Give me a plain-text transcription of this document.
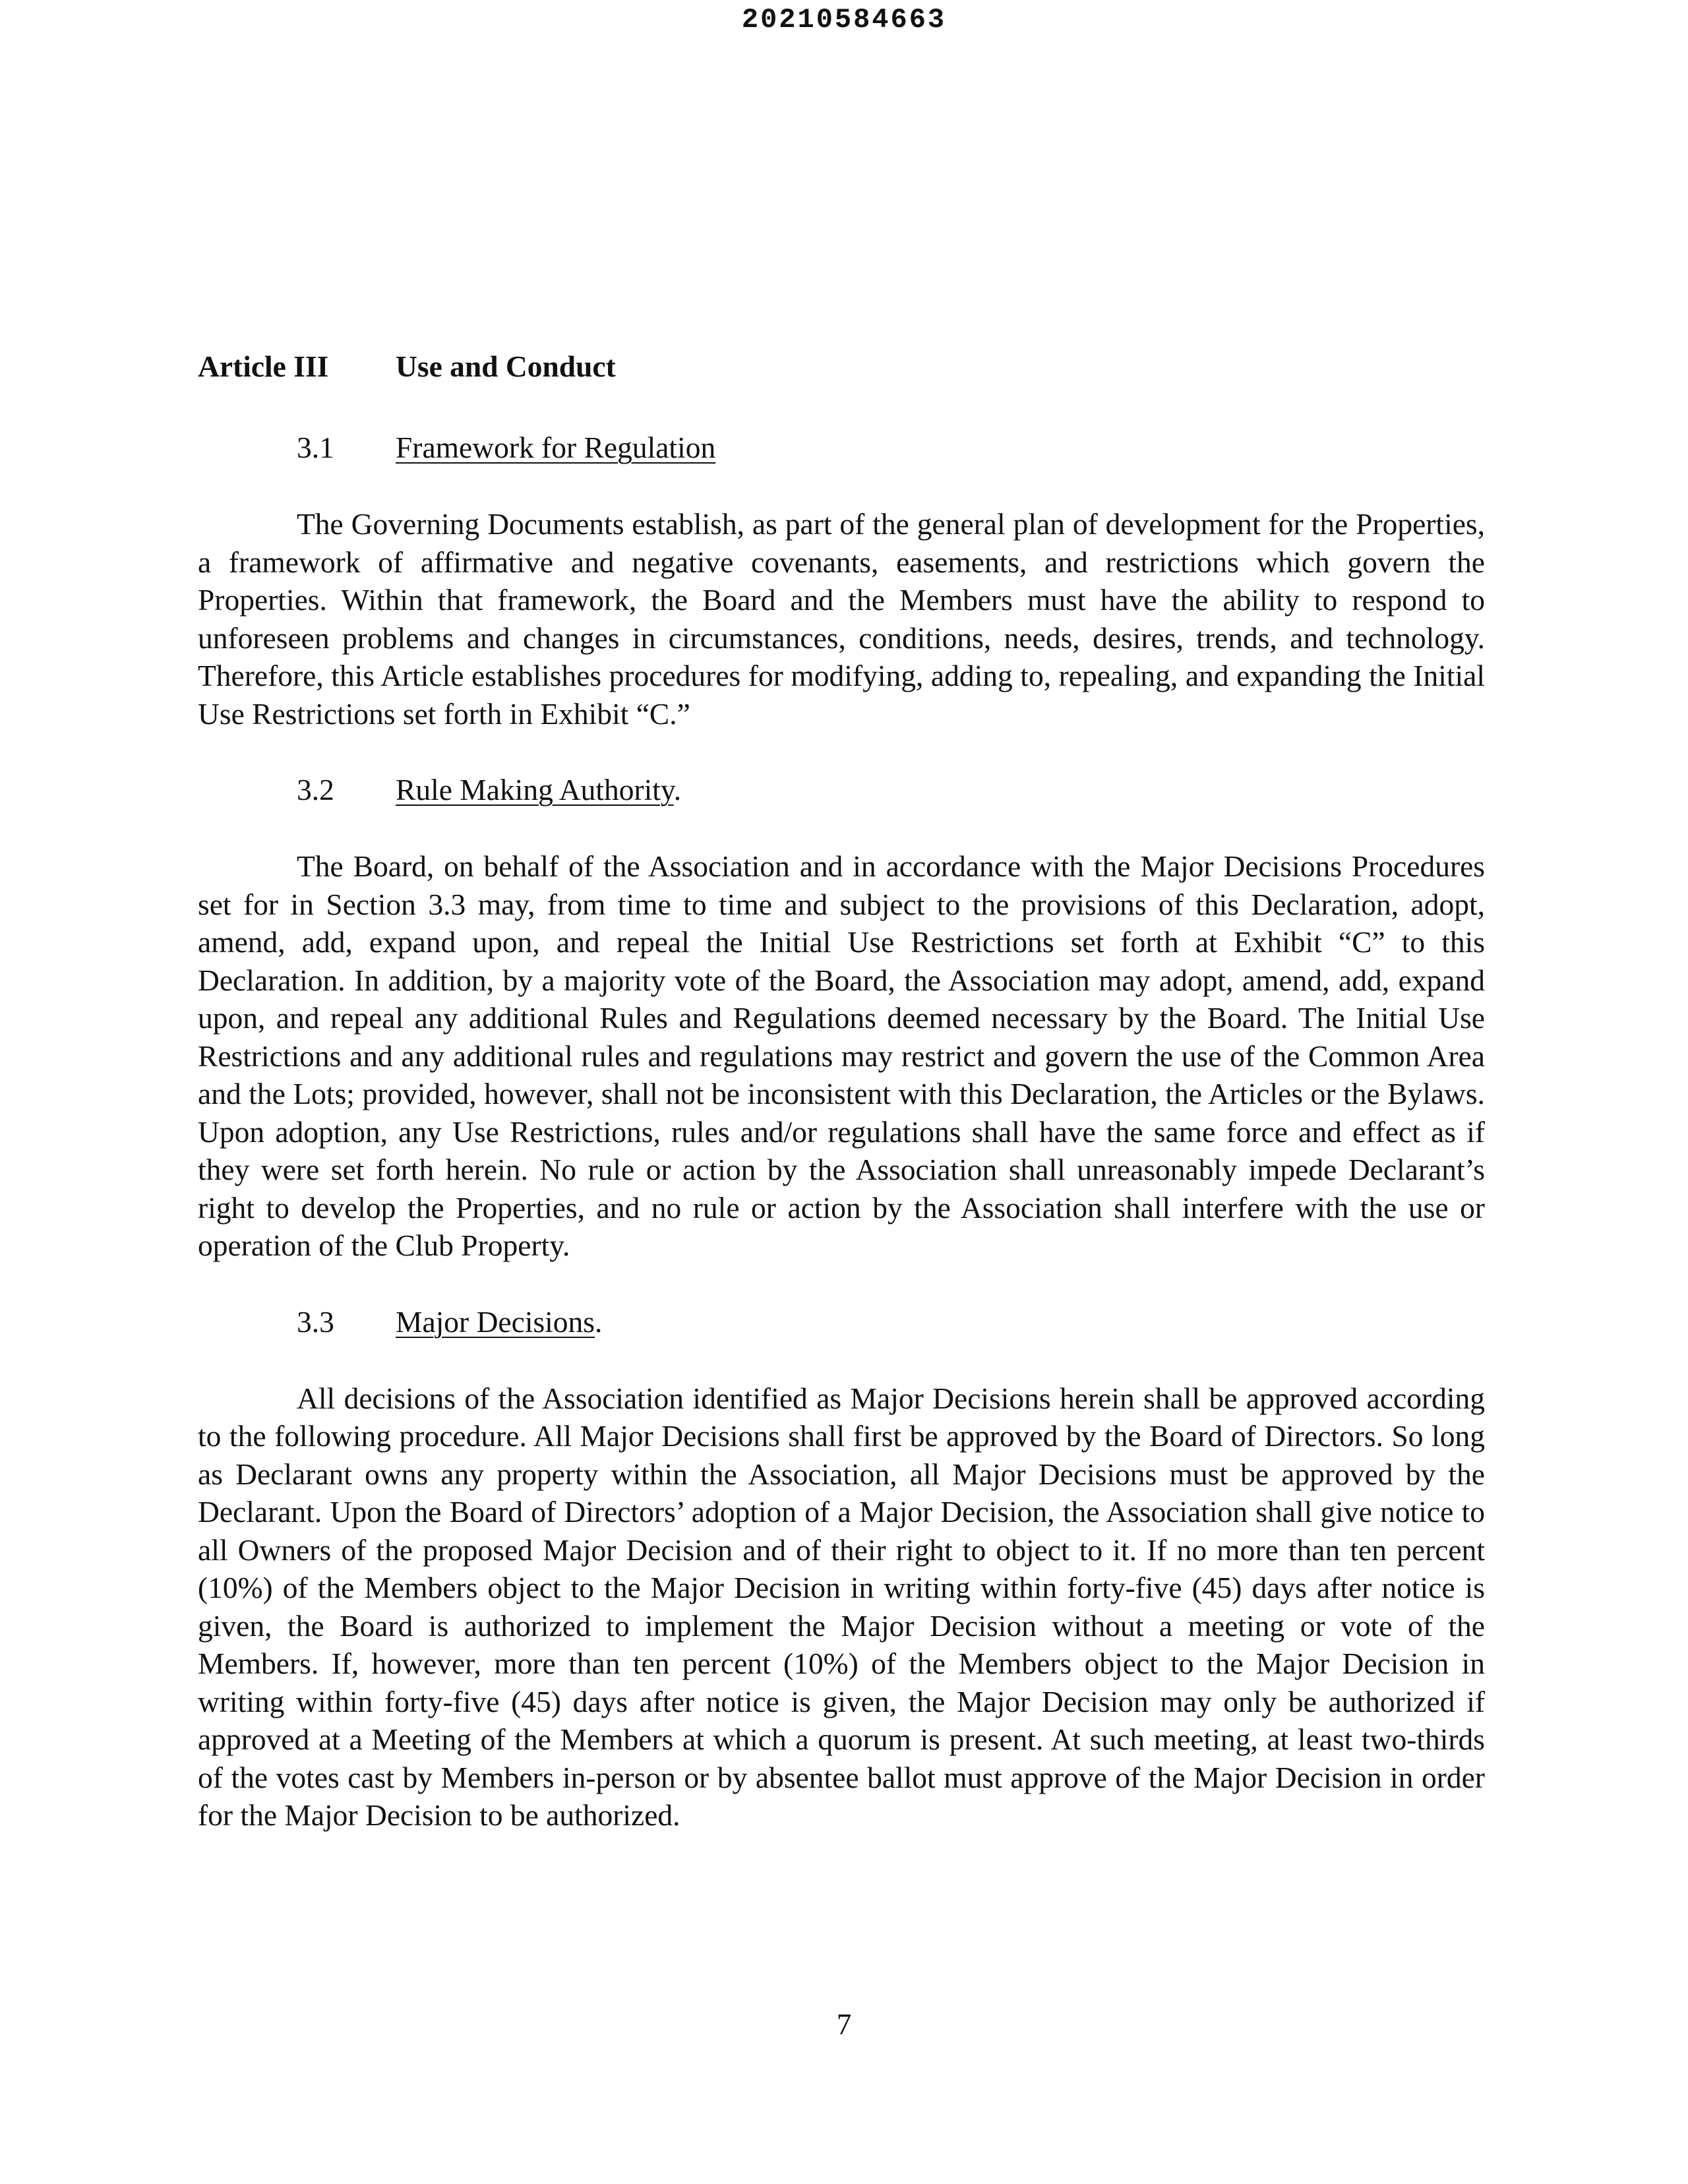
20210584663
Article III Use and Conduct
3.1 Framework for Regulation

The Governing Documents establish, as part of the general plan of development for the Properties, a framework of affirmative and negative covenants, easements, and restrictions which govern the Properties. Within that framework, the Board and the Members must have the ability to respond to unforeseen problems and changes in circumstances, conditions, needs, desires, trends, and technology. Therefore, this Article establishes procedures for modifying, adding to, repealing, and expanding the Initial Use Restrictions set forth in Exhibit “C.”

3.2 Rule Making Authority.

The Board, on behalf of the Association and in accordance with the Major Decisions Procedures set for in Section 3.3 may, from time to time and subject to the provisions of this Declaration, adopt, amend, add, expand upon, and repeal the Initial Use Restrictions set forth at Exhibit “C” to this Declaration. In addition, by a majority vote of the Board, the Association may adopt, amend, add, expand upon, and repeal any additional Rules and Regulations deemed necessary by the Board. The Initial Use Restrictions and any additional rules and regulations may restrict and govern the use of the Common Area and the Lots; provided, however, shall not be inconsistent with this Declaration, the Articles or the Bylaws. Upon adoption, any Use Restrictions, rules and/or regulations shall have the same force and effect as if they were set forth herein. No rule or action by the Association shall unreasonably impede Declarant’s right to develop the Properties, and no rule or action by the Association shall interfere with the use or operation of the Club Property.

3.3 Major Decisions.

All decisions of the Association identified as Major Decisions herein shall be approved according to the following procedure. All Major Decisions shall first be approved by the Board of Directors. So long as Declarant owns any property within the Association, all Major Decisions must be approved by the Declarant. Upon the Board of Directors’ adoption of a Major Decision, the Association shall give notice to all Owners of the proposed Major Decision and of their right to object to it. If no more than ten percent (10%) of the Members object to the Major Decision in writing within forty-five (45) days after notice is given, the Board is authorized to implement the Major Decision without a meeting or vote of the Members. If, however, more than ten percent (10%) of the Members object to the Major Decision in writing within forty-five (45) days after notice is given, the Major Decision may only be authorized if approved at a Meeting of the Members at which a quorum is present. At such meeting, at least two-thirds of the votes cast by Members in-person or by absentee ballot must approve of the Major Decision in order for the Major Decision to be authorized.

7
